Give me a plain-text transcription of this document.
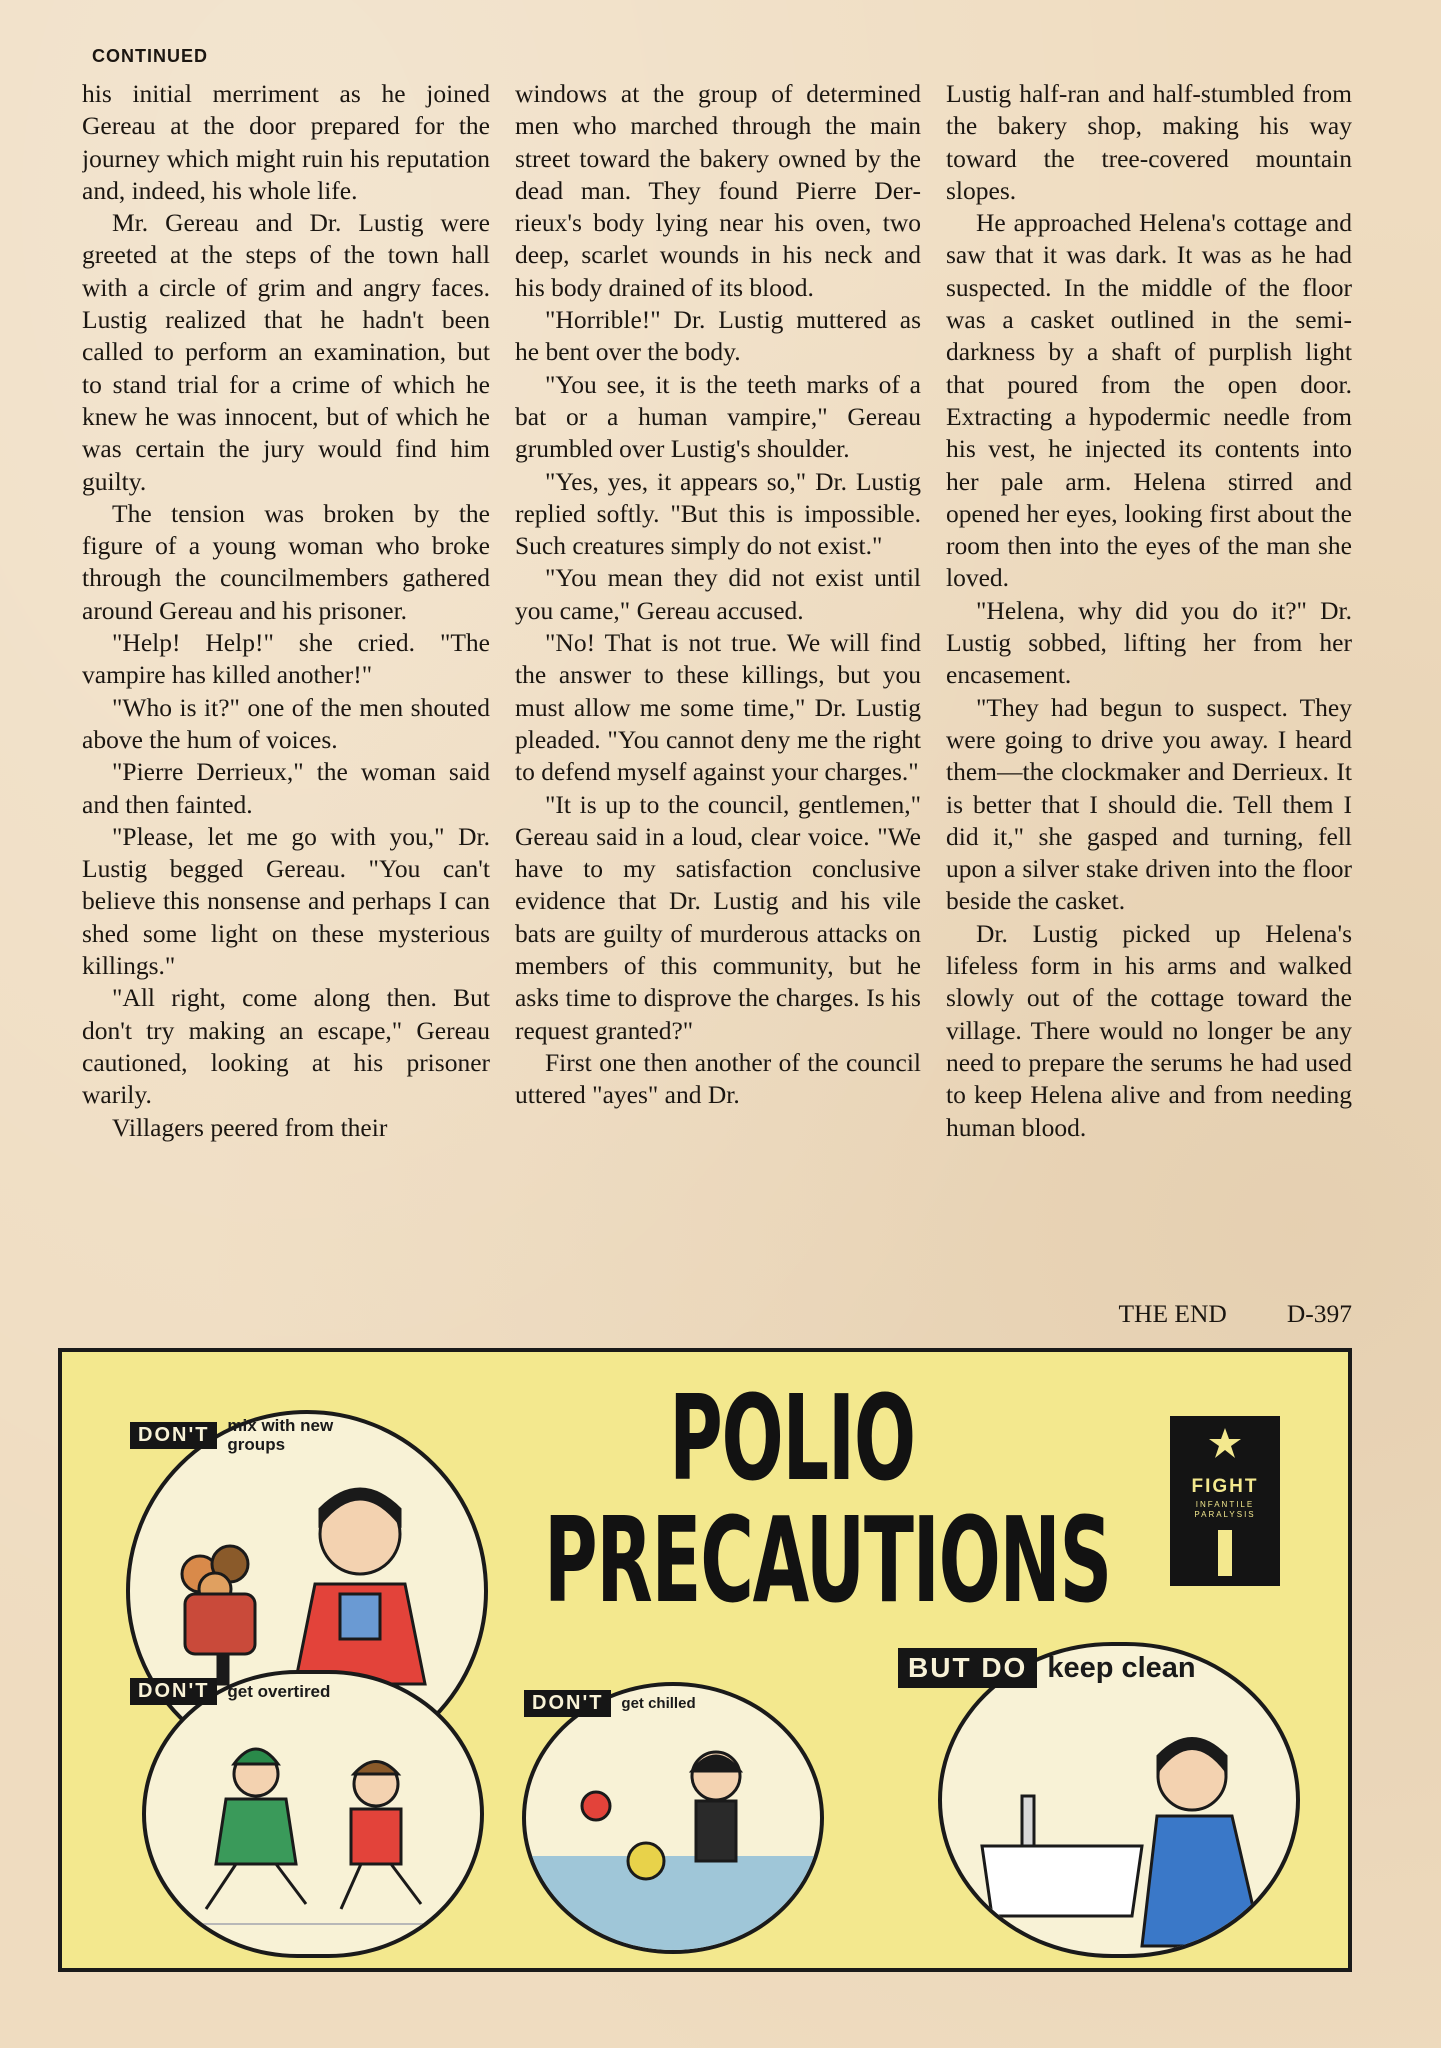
CONTINUED

his initial merriment as he joined Gereau at the door prepared for the journey which might ruin his reputation and, indeed, his whole life.

Mr. Gereau and Dr. Lustig were greeted at the steps of the town hall with a circle of grim and angry faces. Lustig realized that he hadn't been called to perform an examination, but to stand trial for a crime of which he knew he was innocent, but of which he was certain the jury would find him guilty.

The tension was broken by the figure of a young woman who broke through the councilmembers gathered around Gereau and his prisoner.

"Help! Help!" she cried. "The vampire has killed another!"

"Who is it?" one of the men shouted above the hum of voices.

"Pierre Derrieux," the woman said and then fainted.

"Please, let me go with you," Dr. Lustig begged Gereau. "You can't believe this nonsense and perhaps I can shed some light on these mysterious killings."

"All right, come along then. But don't try making an escape," Gereau cautioned, looking at his prisoner warily.

Villagers peered from their

windows at the group of determined men who marched through the main street toward the bakery owned by the dead man. They found Pierre Derrieux's body lying near his oven, two deep, scarlet wounds in his neck and his body drained of its blood.

"Horrible!" Dr. Lustig muttered as he bent over the body.

"You see, it is the teeth marks of a bat or a human vampire," Gereau grumbled over Lustig's shoulder.

"Yes, yes, it appears so," Dr. Lustig replied softly. "But this is impossible. Such creatures simply do not exist."

"You mean they did not exist until you came," Gereau accused.

"No! That is not true. We will find the answer to these killings, but you must allow me some time," Dr. Lustig pleaded. "You cannot deny me the right to defend myself against your charges."

"It is up to the council, gentlemen," Gereau said in a loud, clear voice. "We have to my satisfaction conclusive evidence that Dr. Lustig and his vile bats are guilty of murderous attacks on members of this community, but he asks time to disprove the charges. Is his request granted?"

First one then another of the council uttered "ayes" and Dr.

Lustig half-ran and half-stumbled from the bakery shop, making his way toward the tree-covered mountain slopes.

He approached Helena's cottage and saw that it was dark. It was as he had suspected. In the middle of the floor was a casket outlined in the semidarkness by a shaft of purplish light that poured from the open door. Extracting a hypodermic needle from his vest, he injected its contents into her pale arm. Helena stirred and opened her eyes, looking first about the room then into the eyes of the man she loved.

"Helena, why did you do it?" Dr. Lustig sobbed, lifting her from her encasement.

"They had begun to suspect. They were going to drive you away. I heard them—the clockmaker and Derrieux. It is better that I should die. Tell them I did it," she gasped and turning, fell upon a silver stake driven into the floor beside the casket.

Dr. Lustig picked up Helena's lifeless form in his arms and walked slowly out of the cottage toward the village. There would no longer be any need to prepare the serums he had used to keep Helena alive and from needing human blood.

THE END D-397
POLIO
PRECAUTIONS
FIGHT
INFANTILE PARALYSIS
DON'T	mix with new groups
DON'T	get overtired
DON'T	get chilled
BUT DO keep clean
